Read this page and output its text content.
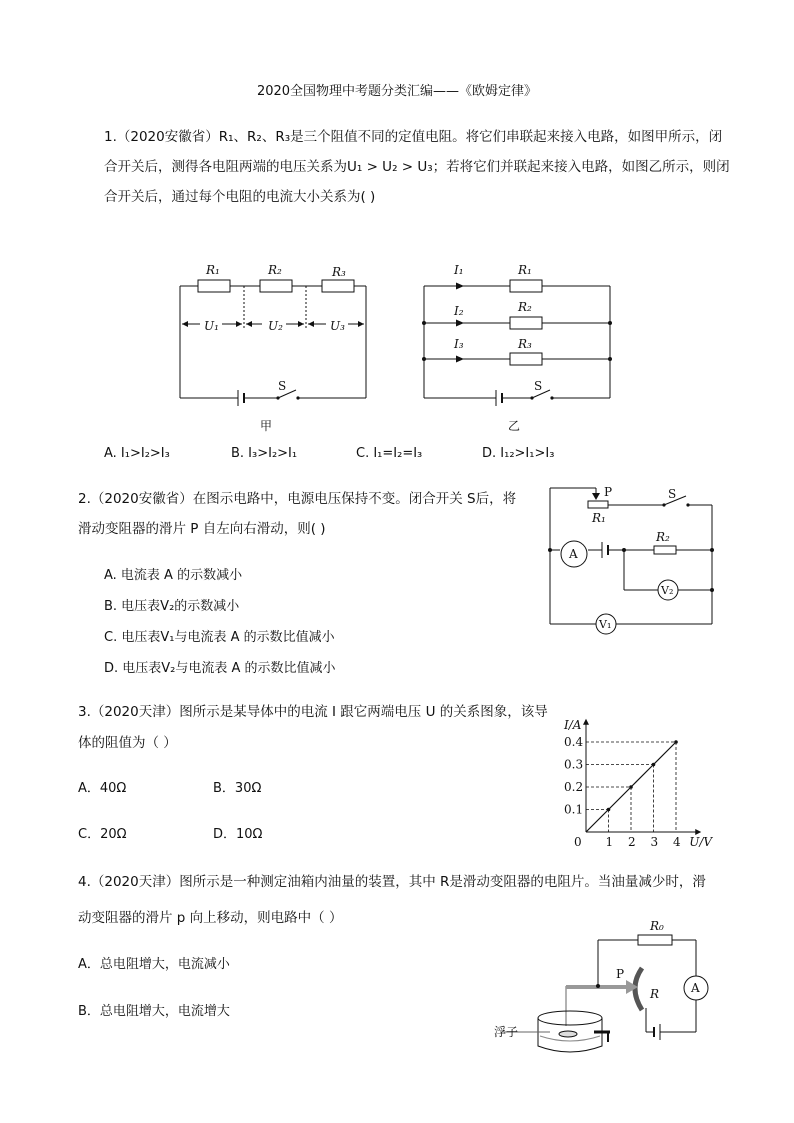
2020全国物理中考题分类汇编——《欧姆定律》
1.（2020安徽省）R₁、R₂、R₃是三个阻值不同的定值电阻。将它们串联起来接入电路，如图甲所示，闭
合开关后，测得各电阻两端的电压关系为U₁ > U₂ > U₃；若将它们并联起来接入电路，如图乙所示，则闭
合开关后，通过每个电阻的电流大小关系为( )
R₁	R₂	R₃
U₁	U₂	U₃
S
甲
I₁	R₁
I₂	R₂
I₃	R₃
S
乙
A. I₁>I₂>I₃	B. I₃>I₂>I₁	C. I₁=I₂=I₃	D. I₁₂>I₁>I₃
2.（2020安徽省）在图示电路中，电源电压保持不变。闭合开关 S后，将
滑动变阻器的滑片 P 自左向右滑动，则( )
A. 电流表 A 的示数减小
B. 电压表V₂的示数减小
C. 电压表V₁与电流表 A 的示数比值减小
D. 电压表V₂与电流表 A 的示数比值减小
P	S
R₁
R₂
A
V₂
V₁
3.（2020天津）图所示是某导体中的电流 I 跟它两端电压 U 的关系图象，该导
体的阻值为（ ）
A．40Ω	B．30Ω
C．20Ω	D．10Ω	1 2 3 4
0.1
0.2
0.3
0.4
0	U/V
I/A
4.（2020天津）图所示是一种测定油箱内油量的装置，其中 R是滑动变阻器的电阻片。当油量减少时，滑
动变阻器的滑片 p 向上移动，则电路中（ ）
A．总电阻增大，电流减小
B．总电阻增大，电流增大
R₀
P
R	A
浮子
